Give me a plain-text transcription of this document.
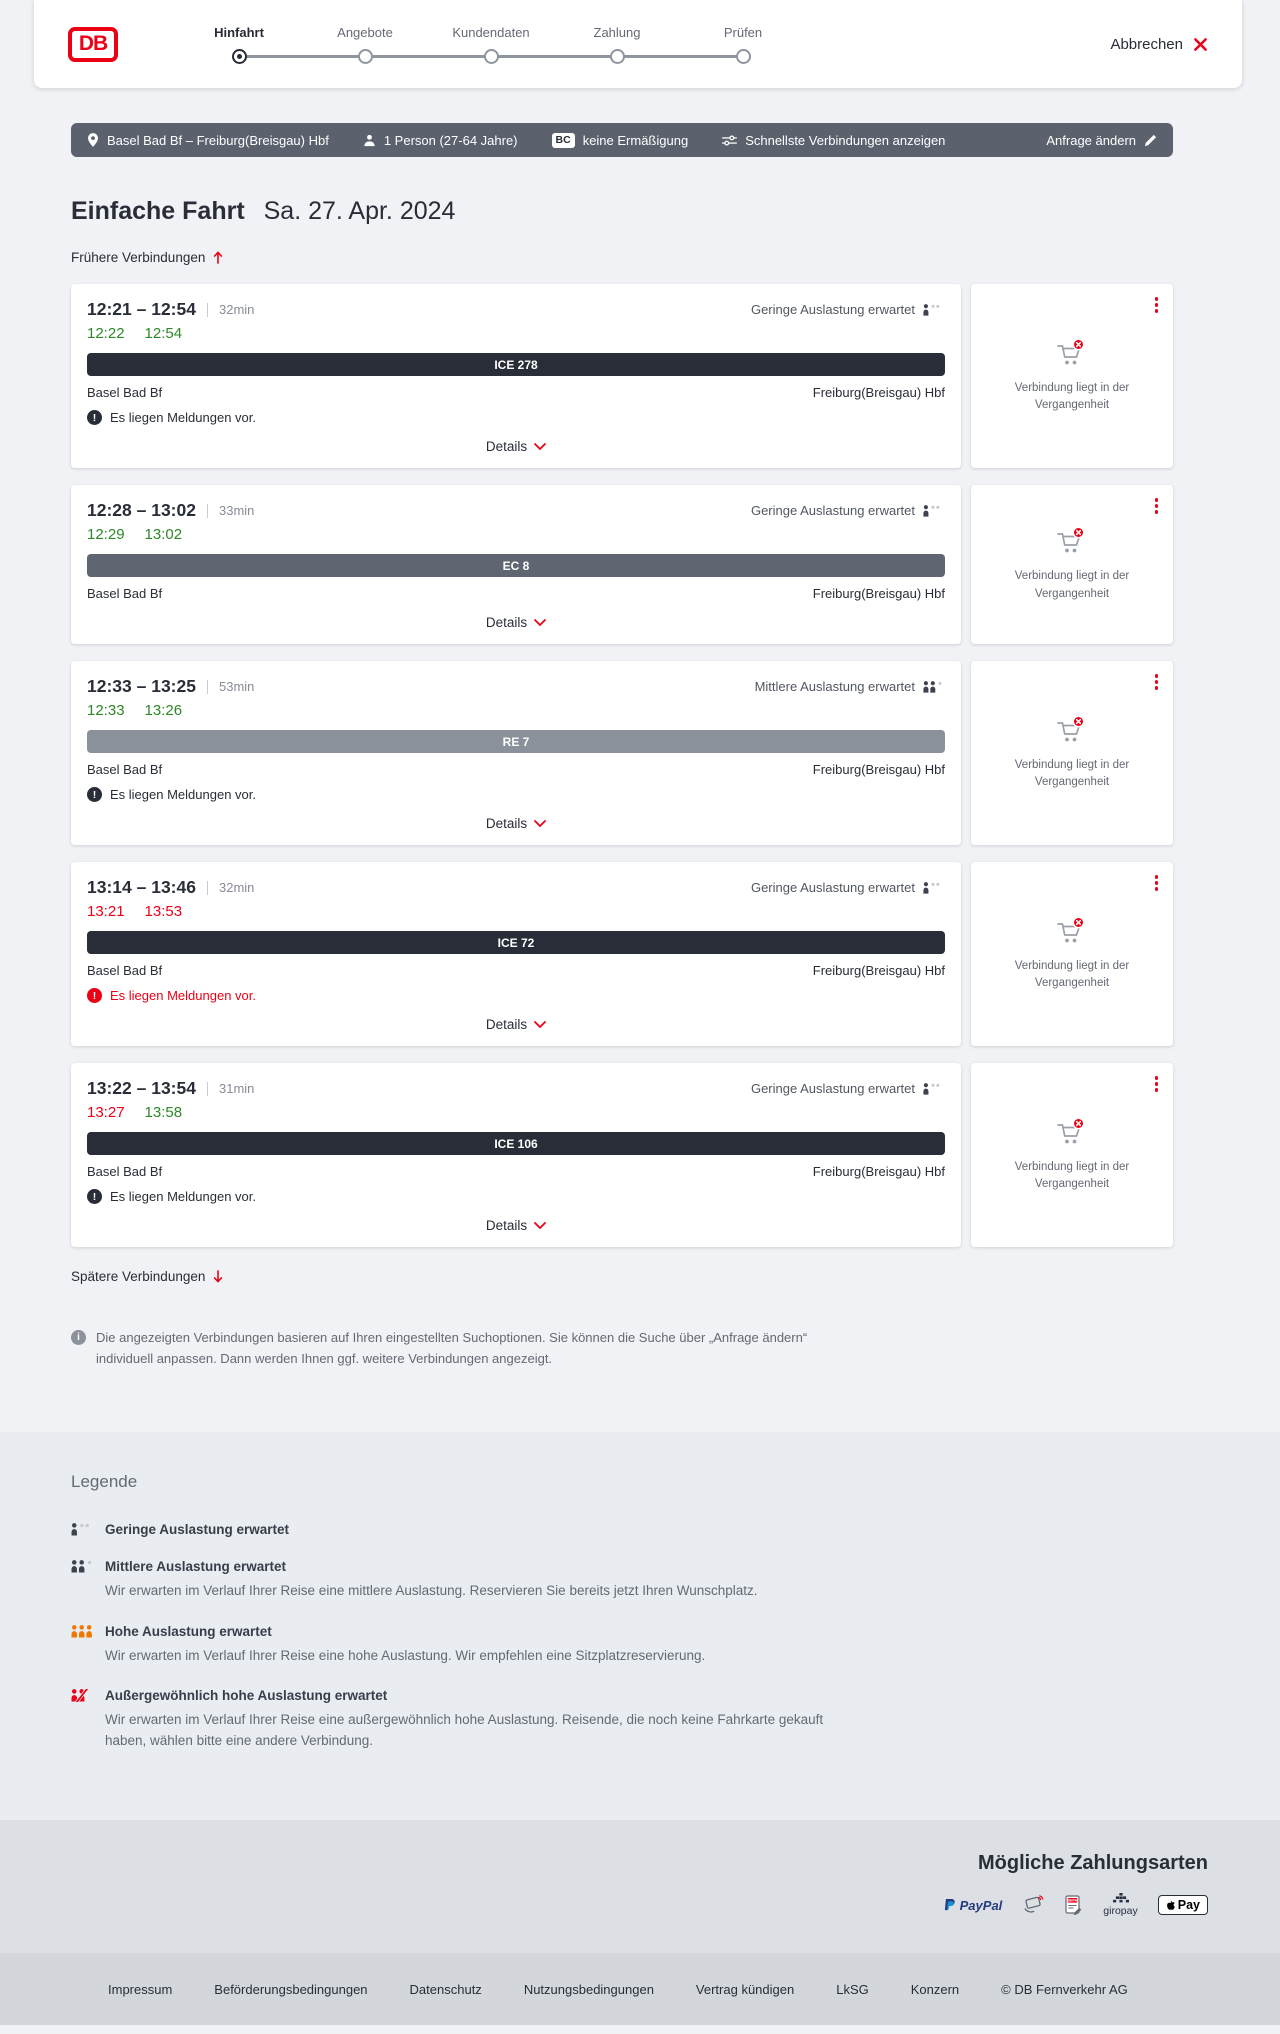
DB	Hinfahrt	Angebote	Kundendaten	Zahlung	Prüfen
Abbrechen
Basel Bad Bf – Freiburg(Breisgau) Hbf	1 Person (27-64 Jahre)	BC keine Ermäßigung	Schnellste Verbindungen anzeigen	Anfrage ändern
Einfache Fahrt Sa. 27. Apr. 2024
Frühere Verbindungen
12:21 – 12:54 32min	Geringe Auslastung erwartet
12:22 12:54
ICE 278
Basel Bad Bf	Freiburg(Breisgau) Hbf
!
Es liegen Meldungen vor.
Details
Verbindung liegt in der Vergangenheit
12:28 – 13:02 33min	Geringe Auslastung erwartet
12:29 13:02
EC 8
Basel Bad Bf	Freiburg(Breisgau) Hbf
Details
Verbindung liegt in der Vergangenheit
12:33 – 13:25 53min	Mittlere Auslastung erwartet
12:33 13:26
RE 7
Basel Bad Bf	Freiburg(Breisgau) Hbf
!
Es liegen Meldungen vor.
Details
Verbindung liegt in der Vergangenheit
13:14 – 13:46 32min	Geringe Auslastung erwartet
13:21 13:53
ICE 72
Basel Bad Bf	Freiburg(Breisgau) Hbf
!
Es liegen Meldungen vor.
Details
Verbindung liegt in der Vergangenheit
13:22 – 13:54 31min	Geringe Auslastung erwartet
13:27 13:58
ICE 106
Basel Bad Bf	Freiburg(Breisgau) Hbf
!
Es liegen Meldungen vor.
Details
Verbindung liegt in der Vergangenheit
Spätere Verbindungen
i
Die angezeigten Verbindungen basieren auf Ihren eingestellten Suchoptionen. Sie können die Suche über „Anfrage ändern“ individuell anpassen. Dann werden Ihnen ggf. weitere Verbindungen angezeigt.
Legende
Geringe Auslastung erwartet
Mittlere Auslastung erwartet

Wir erwarten im Verlauf Ihrer Reise eine mittlere Auslastung. Reservieren Sie bereits jetzt Ihren Wunschplatz.

Hohe Auslastung erwartet

Wir erwarten im Verlauf Ihrer Reise eine hohe Auslastung. Wir empfehlen eine Sitzplatzreservierung.

Außergewöhnlich hohe Auslastung erwartet

Wir erwarten im Verlauf Ihrer Reise eine außergewöhnlich hohe Auslastung. Reisende, die noch keine Fahrkarte gekauft haben, wählen bitte eine andere Verbindung.

Mögliche Zahlungsarten
PayPal	SEPA
giropay	Pay
Impressum	Beförderungsbedingungen	Datenschutz	Nutzungsbedingungen	Vertrag kündigen	LkSG	Konzern	© DB Fernverkehr AG
